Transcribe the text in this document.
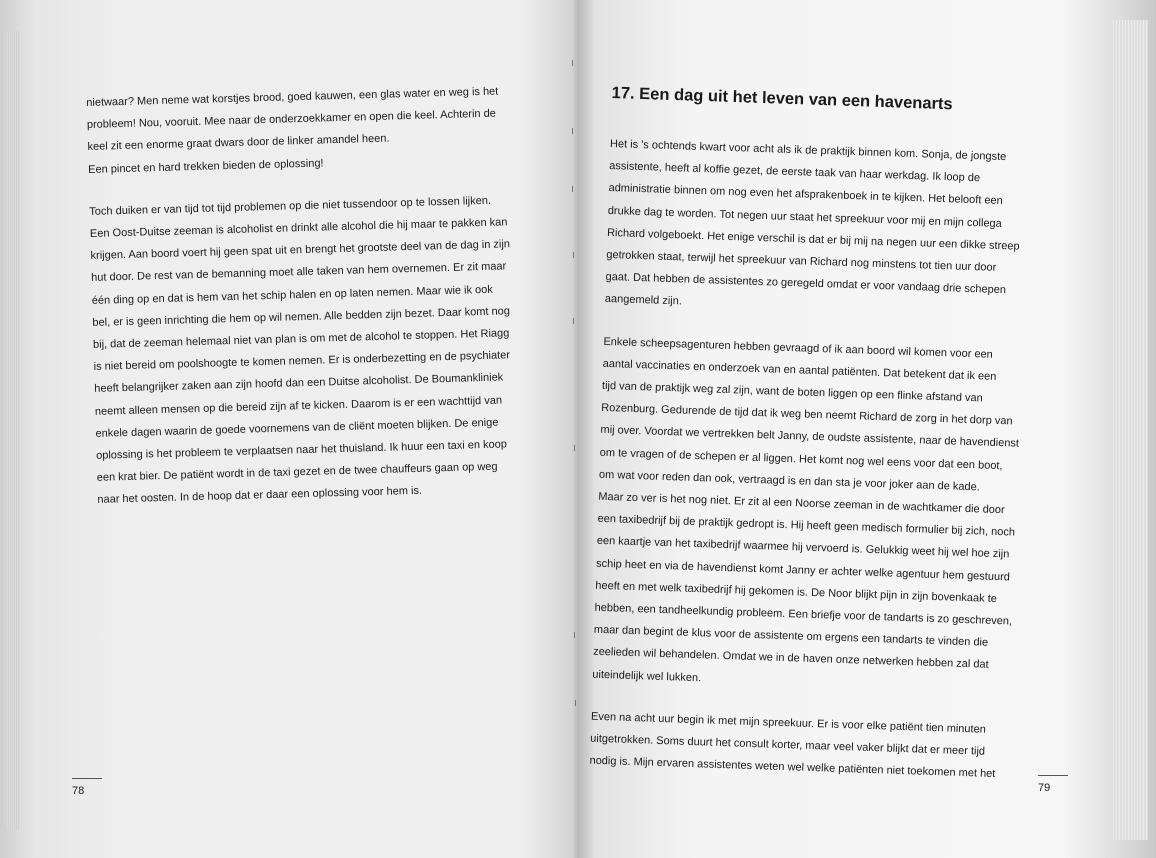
nietwaar? Men neme wat korstjes brood, goed kauwen, een glas water en weg is het
probleem! Nou, vooruit. Mee naar de onderzoekkamer en open die keel. Achterin de
keel zit een enorme graat dwars door de linker amandel heen.
Een pincet en hard trekken bieden de oplossing!

Toch duiken er van tijd tot tijd problemen op die niet tussendoor op te lossen lijken.
Een Oost-Duitse zeeman is alcoholist en drinkt alle alcohol die hij maar te pakken kan
krijgen. Aan boord voert hij geen spat uit en brengt het grootste deel van de dag in zijn
hut door. De rest van de bemanning moet alle taken van hem overnemen. Er zit maar
één ding op en dat is hem van het schip halen en op laten nemen. Maar wie ik ook
bel, er is geen inrichting die hem op wil nemen. Alle bedden zijn bezet. Daar komt nog
bij, dat de zeeman helemaal niet van plan is om met de alcohol te stoppen. Het Riagg
is niet bereid om poolshoogte te komen nemen. Er is onderbezetting en de psychiater
heeft belangrijker zaken aan zijn hoofd dan een Duitse alcoholist. De Boumankliniek
neemt alleen mensen op die bereid zijn af te kicken. Daarom is er een wachttijd van
enkele dagen waarin de goede voornemens van de cliënt moeten blijken. De enige
oplossing is het probleem te verplaatsen naar het thuisland. Ik huur een taxi en koop
een krat bier. De patiënt wordt in de taxi gezet en de twee chauffeurs gaan op weg
naar het oosten. In de hoop dat er daar een oplossing voor hem is.

78
17. Een dag uit het leven van een havenarts

Het is 's ochtends kwart voor acht als ik de praktijk binnen kom. Sonja, de jongste
assistente, heeft al koffie gezet, de eerste taak van haar werkdag. Ik loop de
administratie binnen om nog even het afsprakenboek in te kijken. Het belooft een
drukke dag te worden. Tot negen uur staat het spreekuur voor mij en mijn collega
Richard volgeboekt. Het enige verschil is dat er bij mij na negen uur een dikke streep
getrokken staat, terwijl het spreekuur van Richard nog minstens tot tien uur door
gaat. Dat hebben de assistentes zo geregeld omdat er voor vandaag drie schepen
aangemeld zijn.

Enkele scheepsagenturen hebben gevraagd of ik aan boord wil komen voor een
aantal vaccinaties en onderzoek van en aantal patiënten. Dat betekent dat ik een
tijd van de praktijk weg zal zijn, want de boten liggen op een flinke afstand van
Rozenburg. Gedurende de tijd dat ik weg ben neemt Richard de zorg in het dorp van
mij over. Voordat we vertrekken belt Janny, de oudste assistente, naar de havendienst
om te vragen of de schepen er al liggen. Het komt nog wel eens voor dat een boot,
om wat voor reden dan ook, vertraagd is en dan sta je voor joker aan de kade.
Maar zo ver is het nog niet. Er zit al een Noorse zeeman in de wachtkamer die door
een taxibedrijf bij de praktijk gedropt is. Hij heeft geen medisch formulier bij zich, noch
een kaartje van het taxibedrijf waarmee hij vervoerd is. Gelukkig weet hij wel hoe zijn
schip heet en via de havendienst komt Janny er achter welke agentuur hem gestuurd
heeft en met welk taxibedrijf hij gekomen is. De Noor blijkt pijn in zijn bovenkaak te
hebben, een tandheelkundig probleem. Een briefje voor de tandarts is zo geschreven,
maar dan begint de klus voor de assistente om ergens een tandarts te vinden die
zeelieden wil behandelen. Omdat we in de haven onze netwerken hebben zal dat
uiteindelijk wel lukken.

Even na acht uur begin ik met mijn spreekuur. Er is voor elke patiënt tien minuten
uitgetrokken. Soms duurt het consult korter, maar veel vaker blijkt dat er meer tijd
nodig is. Mijn ervaren assistentes weten wel welke patiënten niet toekomen met het

79
